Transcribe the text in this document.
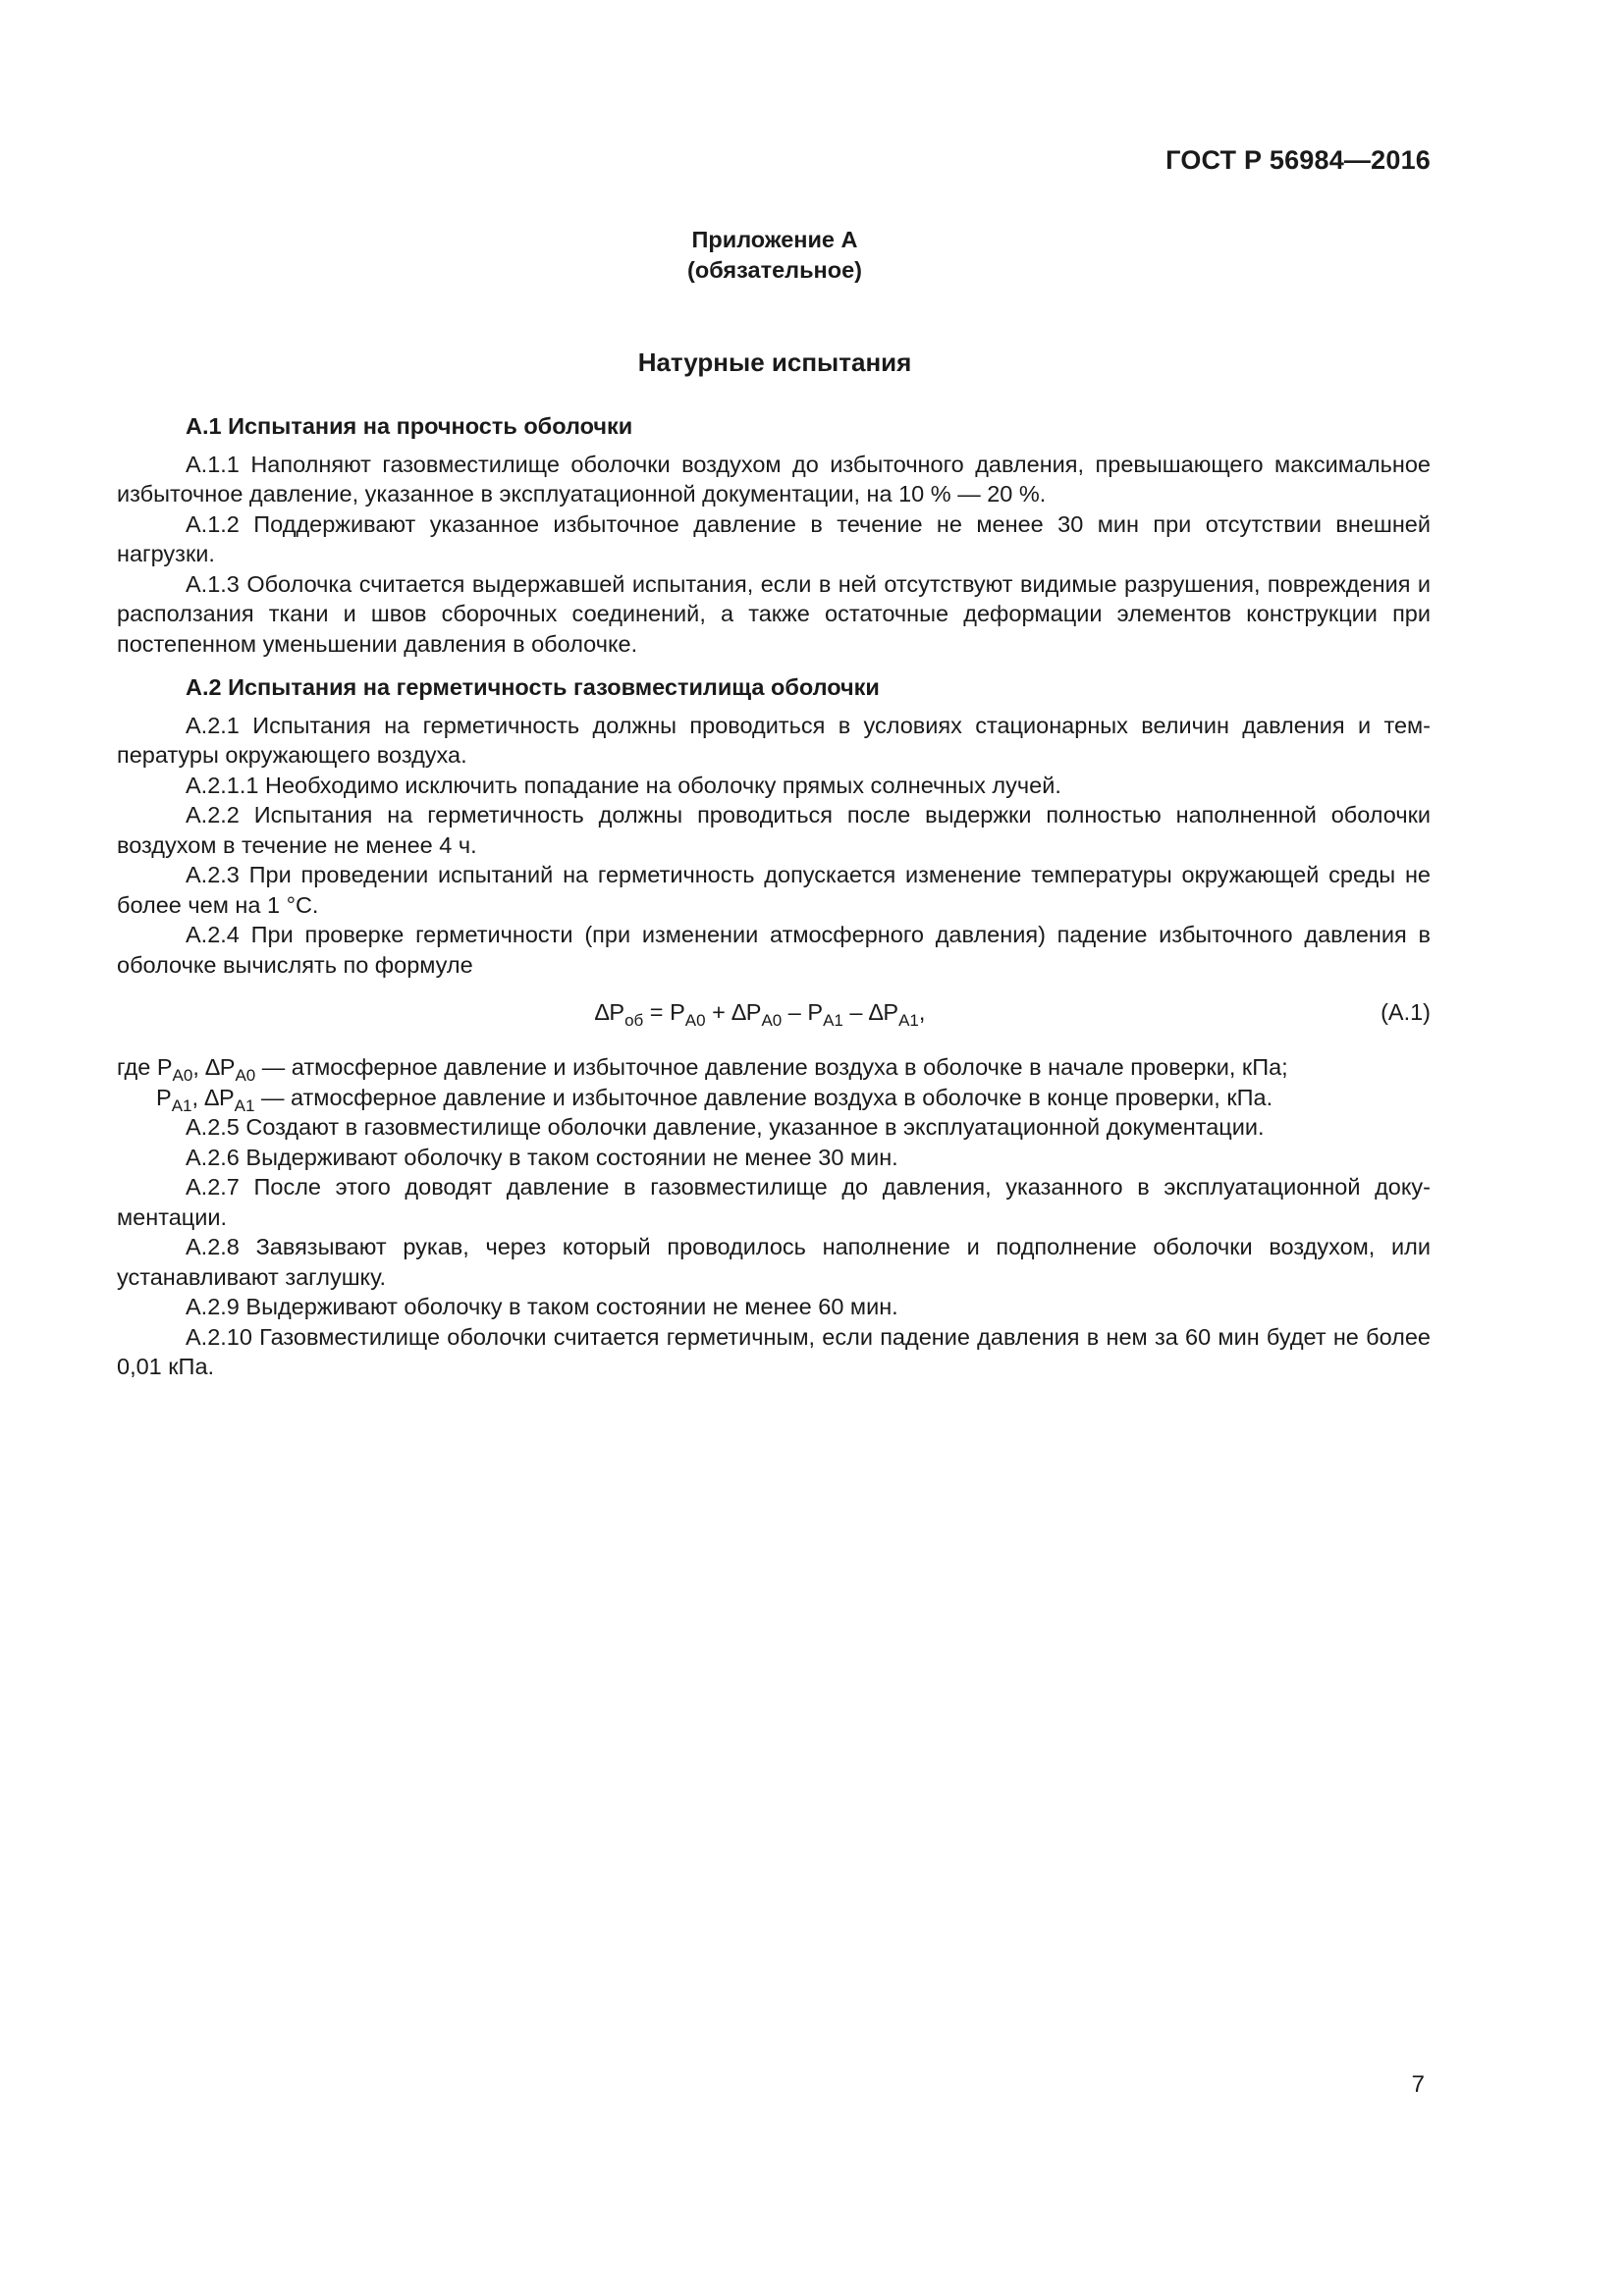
ГОСТ Р 56984—2016
Приложение А
(обязательное)
Натурные испытания

А.1 Испытания на прочность оболочки

А.1.1 Наполняют газовместилище оболочки воздухом до избыточного давления, превышающего максимальное избыточное давление, указанное в эксплуатационной документации, на 10 % — 20 %.

А.1.2 Поддерживают указанное избыточное давление в течение не менее 30 мин при отсутствии внешней нагрузки.

А.1.3 Оболочка считается выдержавшей испытания, если в ней отсутствуют видимые разрушения, повреждения и расползания ткани и швов сборочных соединений, а также остаточные деформации элементов конструкции при постепенном уменьшении давления в оболочке.

А.2 Испытания на герметичность газовместилища оболочки

А.2.1 Испытания на герметичность должны проводиться в условиях стационарных величин давления и температуры окружающего воздуха.

А.2.1.1 Необходимо исключить попадание на оболочку прямых солнечных лучей.

А.2.2 Испытания на герметичность должны проводиться после выдержки полностью наполненной оболочки воздухом в течение не менее 4 ч.

А.2.3 При проведении испытаний на герметичность допускается изменение температуры окружающей среды не более чем на 1 °С.

А.2.4 При проверке герметичности (при изменении атмосферного давления) падение избыточного давления в оболочке вычислять по формуле

$\Delta P_{об} = P_{А0} + \Delta P_{А0} - P_{А1} - \Delta P_{А1}$,	(А.1)

где $P_{А0}$, $\Delta P_{А0}$ — атмосферное давление и избыточное давление воздуха в оболочке в начале проверки, кПа;

$P_{А1}$, $\Delta P_{А1}$ — атмосферное давление и избыточное давление воздуха в оболочке в конце проверки, кПа.

А.2.5 Создают в газовместилище оболочки давление, указанное в эксплуатационной документации.

А.2.6 Выдерживают оболочку в таком состоянии не менее 30 мин.

А.2.7 После этого доводят давление в газовместилище до давления, указанного в эксплуатационной документации.

А.2.8 Завязывают рукав, через который проводилось наполнение и подполнение оболочки воздухом, или устанавливают заглушку.

А.2.9 Выдерживают оболочку в таком состоянии не менее 60 мин.

А.2.10 Газовместилище оболочки считается герметичным, если падение давления в нем за 60 мин будет не более 0,01 кПа.

7
